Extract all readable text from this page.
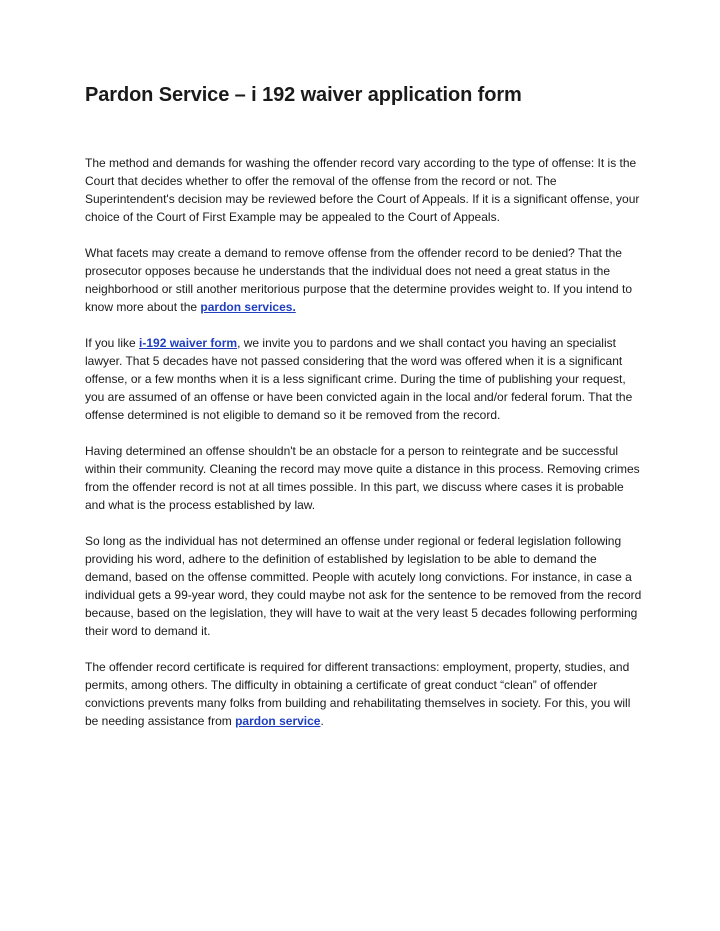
Pardon Service – i 192 waiver application form

The method and demands for washing the offender record vary according to the type of offense: It is the Court that decides whether to offer the removal of the offense from the record or not. The Superintendent's decision may be reviewed before the Court of Appeals. If it is a significant offense, your choice of the Court of First Example may be appealed to the Court of Appeals.

What facets may create a demand to remove offense from the offender record to be denied? That the prosecutor opposes because he understands that the individual does not need a great status in the neighborhood or still another meritorious purpose that the determine provides weight to. If you intend to know more about the pardon services.

If you like i-192 waiver form, we invite you to pardons and we shall contact you having an specialist lawyer. That 5 decades have not passed considering that the word was offered when it is a significant offense, or a few months when it is a less significant crime. During the time of publishing your request, you are assumed of an offense or have been convicted again in the local and/or federal forum. That the offense determined is not eligible to demand so it be removed from the record.

Having determined an offense shouldn't be an obstacle for a person to reintegrate and be successful within their community. Cleaning the record may move quite a distance in this process. Removing crimes from the offender record is not at all times possible. In this part, we discuss where cases it is probable and what is the process established by law.

So long as the individual has not determined an offense under regional or federal legislation following providing his word, adhere to the definition of established by legislation to be able to demand the demand, based on the offense committed. People with acutely long convictions. For instance, in case a individual gets a 99-year word, they could maybe not ask for the sentence to be removed from the record because, based on the legislation, they will have to wait at the very least 5 decades following performing their word to demand it.

The offender record certificate is required for different transactions: employment, property, studies, and permits, among others. The difficulty in obtaining a certificate of great conduct “clean” of offender convictions prevents many folks from building and rehabilitating themselves in society. For this, you will be needing assistance from pardon service.
